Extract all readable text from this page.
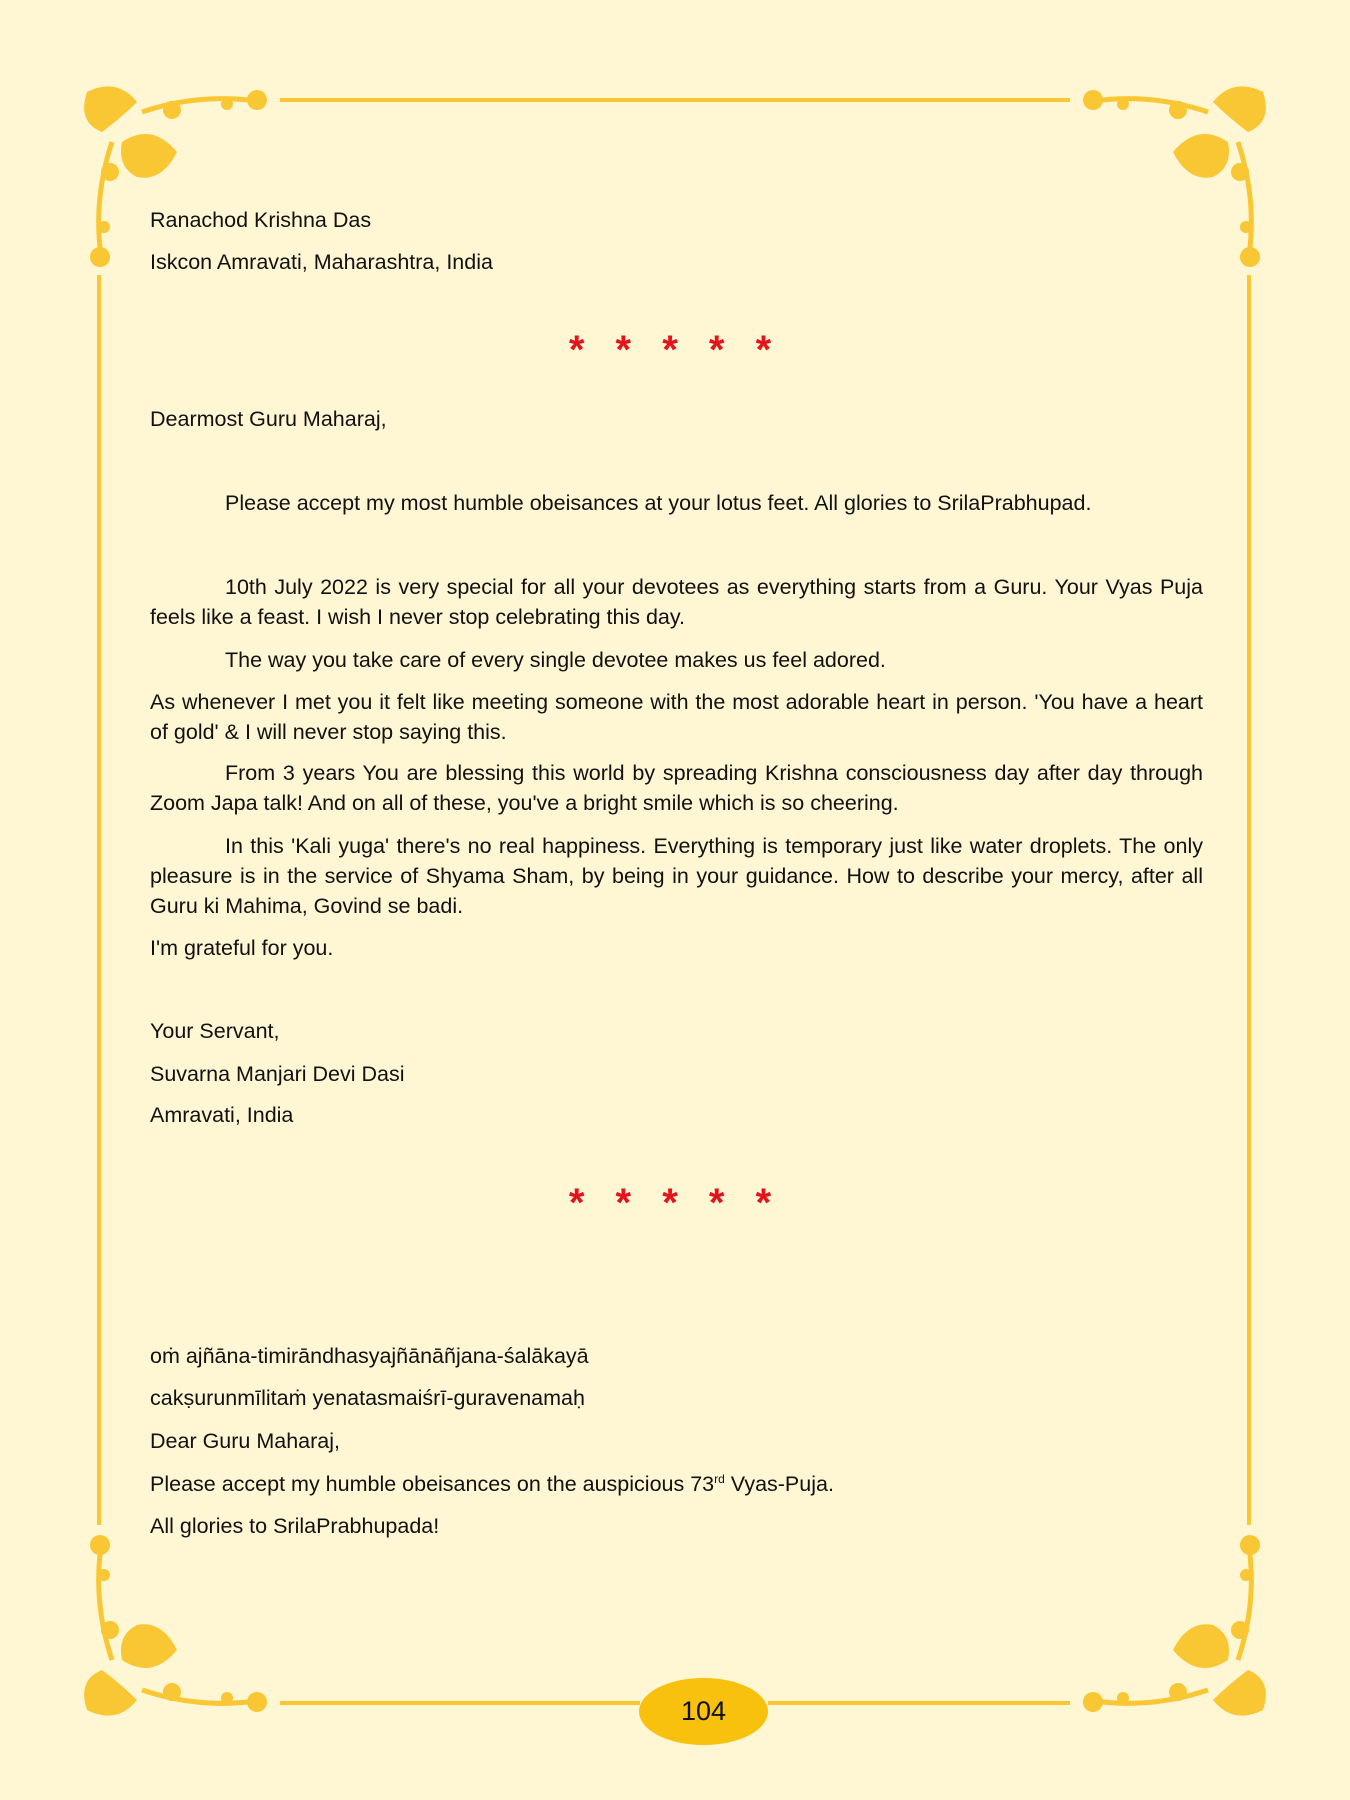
Ranachod Krishna Das
Iskcon Amravati, Maharashtra, India
* * * * *
Dearmost Guru Maharaj,
Please accept my most humble obeisances at your lotus feet. All glories to SrilaPrabhupad.
10th July 2022 is very special for all your devotees as everything starts from a Guru. Your Vyas Puja feels like a feast. I wish I never stop celebrating this day.
The way you take care of every single devotee makes us feel adored.
As whenever I met you it felt like meeting someone with the most adorable heart in person. 'You have a heart of gold' & I will never stop saying this.
From 3 years You are blessing this world by spreading Krishna consciousness day after day through Zoom Japa talk! And on all of these, you've a bright smile which is so cheering.
In this 'Kali yuga' there's no real happiness. Everything is temporary just like water droplets. The only pleasure is in the service of Shyama Sham, by being in your guidance. How to describe your mercy, after all Guru ki Mahima, Govind se badi.
I'm grateful for you.
Your Servant,
Suvarna Manjari Devi Dasi
Amravati, India
* * * * *
oṁ ajñāna-timirāndhasyajñānāñjana-śalākayā
cakṣurunmīlitaṁ yenatasmaiśrī-guravenamaḥ
Dear Guru Maharaj,
Please accept my humble obeisances on the auspicious 73rd Vyas-Puja.
All glories to SrilaPrabhupada!
104
